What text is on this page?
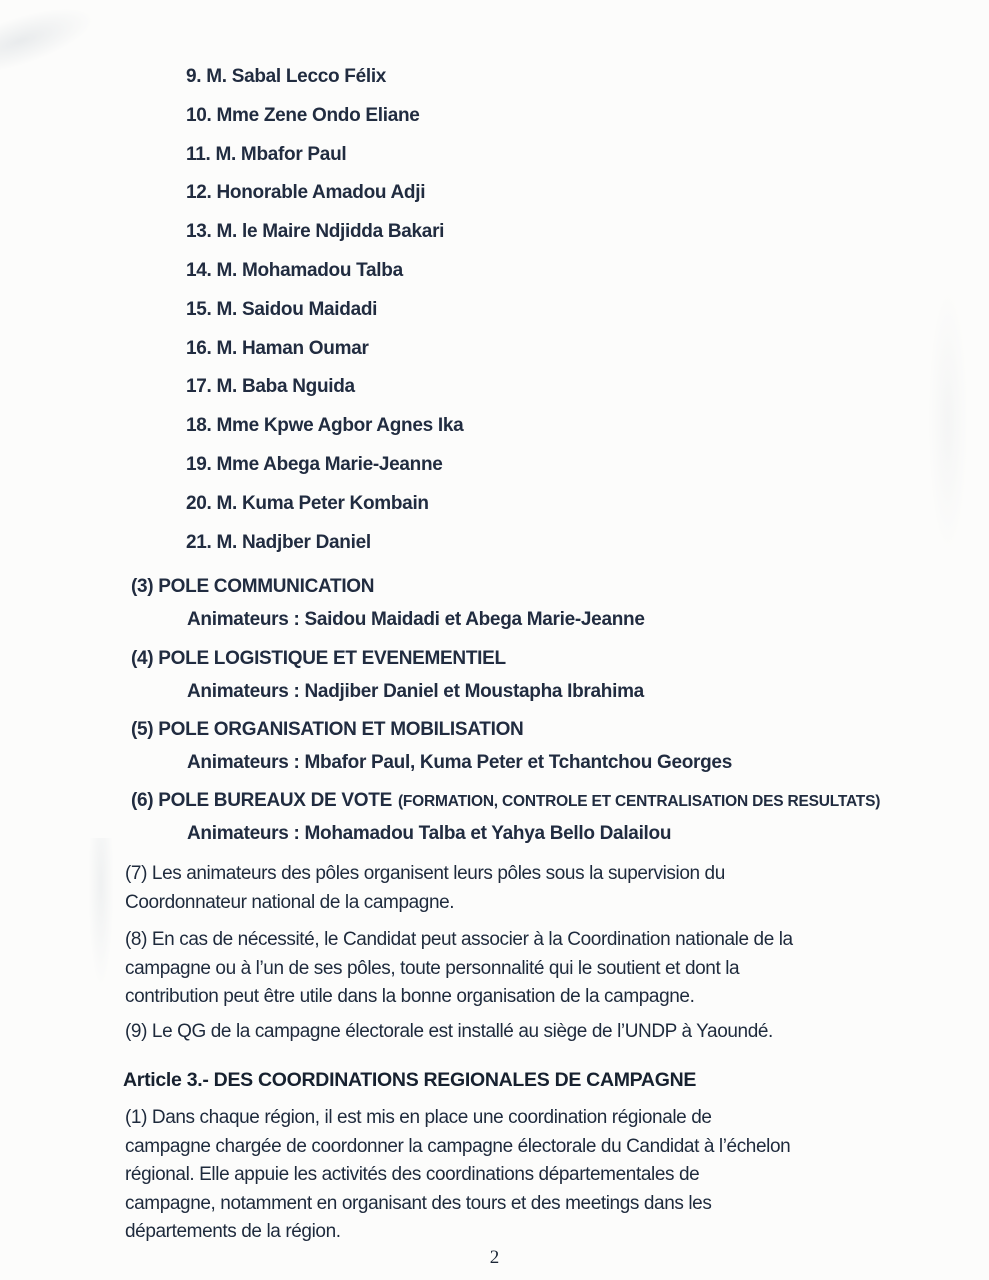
9. M. Sabal Lecco Félix
10. Mme Zene Ondo Eliane
11. M. Mbafor Paul
12. Honorable Amadou Adji
13. M. le Maire Ndjidda Bakari
14. M. Mohamadou Talba
15. M. Saidou Maidadi
16. M. Haman Oumar
17. M. Baba Nguida
18. Mme Kpwe Agbor Agnes Ika
19. Mme Abega Marie-Jeanne
20. M. Kuma Peter Kombain
21. M. Nadjber Daniel
(3) POLE COMMUNICATION
Animateurs : Saidou Maidadi et Abega Marie-Jeanne
(4) POLE LOGISTIQUE ET EVENEMENTIEL
Animateurs : Nadjiber Daniel et Moustapha Ibrahima
(5) POLE ORGANISATION ET MOBILISATION
Animateurs : Mbafor Paul, Kuma Peter et Tchantchou Georges
(6) POLE BUREAUX DE VOTE (FORMATION, CONTROLE ET CENTRALISATION DES RESULTATS)
Animateurs : Mohamadou Talba et Yahya Bello Dalailou

(7) Les animateurs des pôles organisent leurs pôles sous la supervision du
Coordonnateur national de la campagne.

(8) En cas de nécessité, le Candidat peut associer à la Coordination nationale de la
campagne ou à l’un de ses pôles, toute personnalité qui le soutient et dont la
contribution peut être utile dans la bonne organisation de la campagne.

(9) Le QG de la campagne électorale est installé au siège de l’UNDP à Yaoundé.

Article 3.- DES COORDINATIONS REGIONALES DE CAMPAGNE

(1) Dans chaque région, il est mis en place une coordination régionale de
campagne chargée de coordonner la campagne électorale du Candidat à l’échelon
régional. Elle appuie les activités des coordinations départementales de
campagne, notamment en organisant des tours et des meetings dans les
départements de la région.

2
